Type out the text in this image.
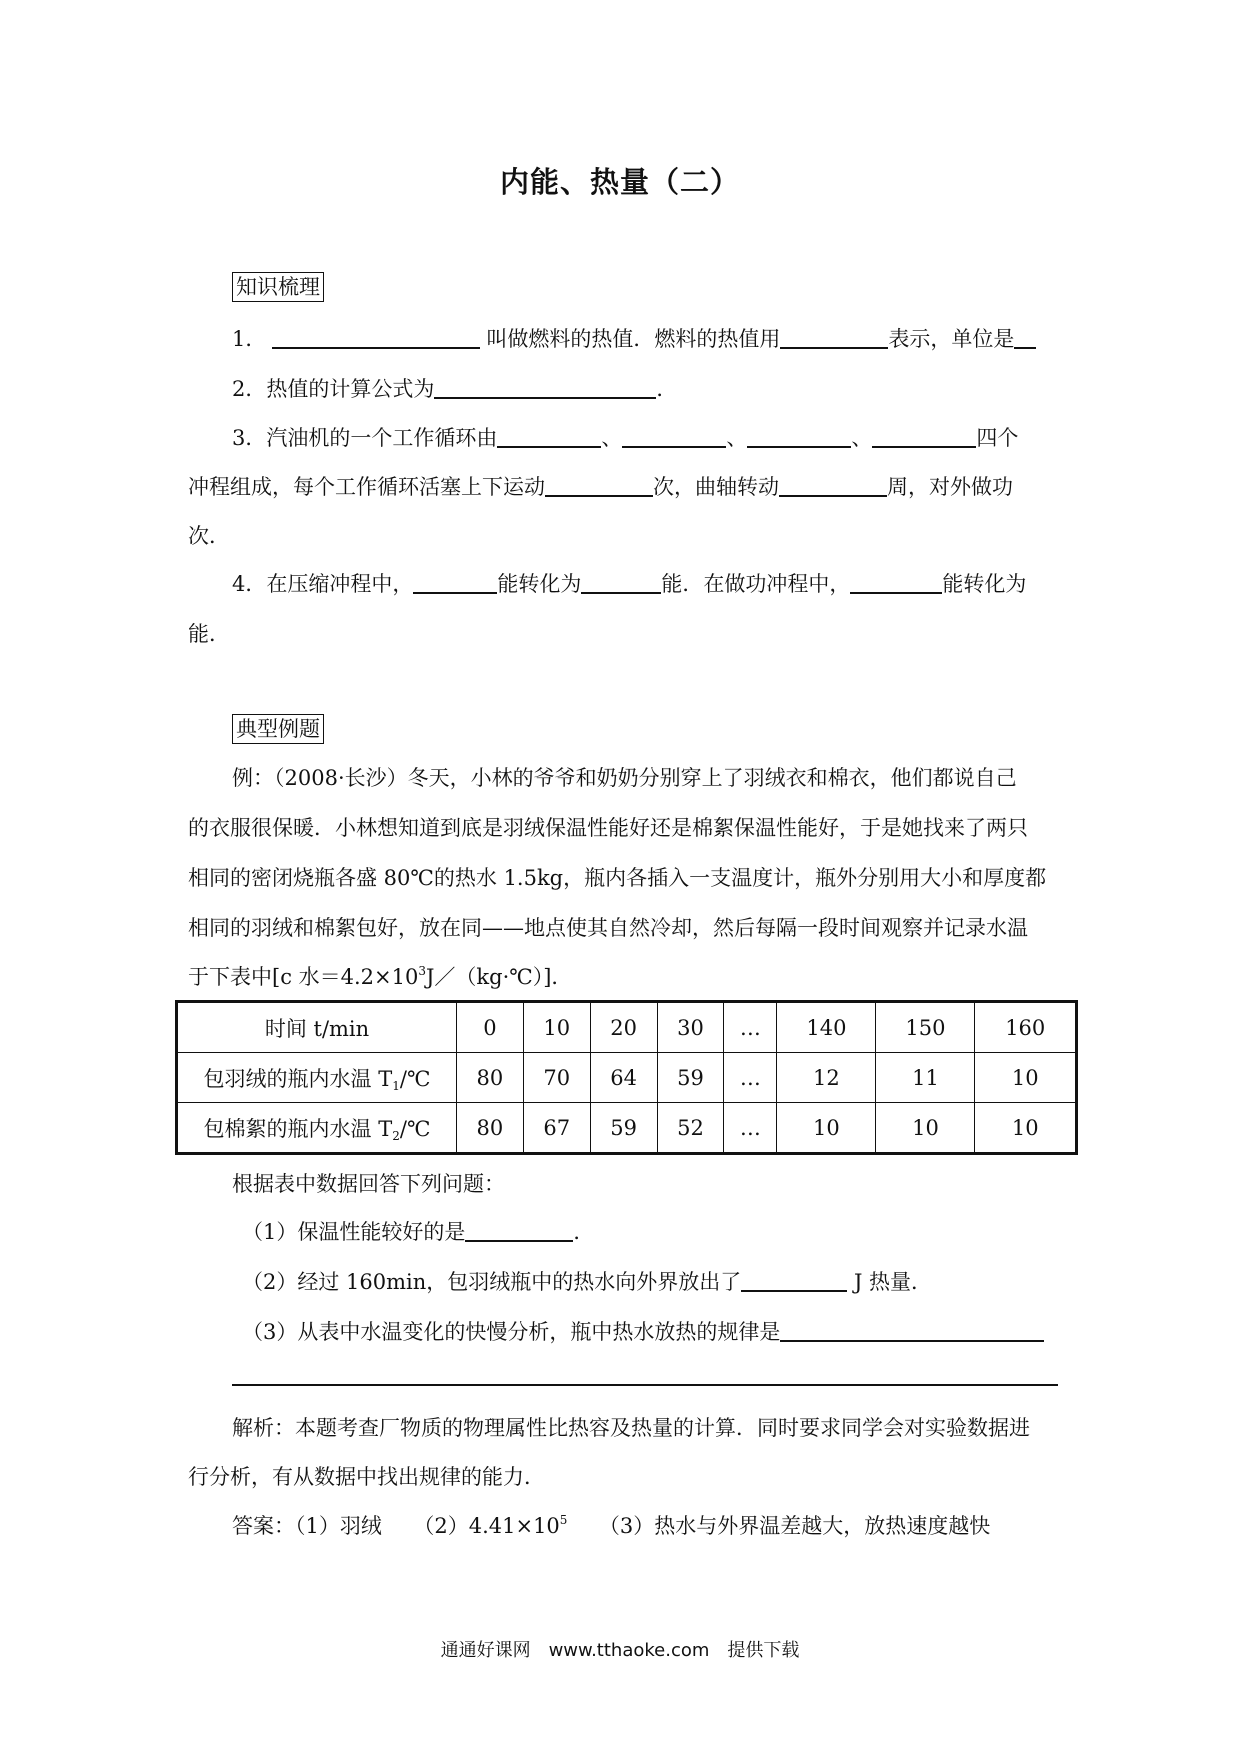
内能、热量（二）
知识梳理
1．	叫做燃料的热值．燃料的热值用	表示，单位是
2．热值的计算公式为	．
3．汽油机的一个工作循环由	、	、	、	四个
冲程组成，每个工作循环活塞上下运动	次，曲轴转动	周，对外做功
次．
4．在压缩冲程中，	能转化为	能．在做功冲程中，	能转化为
能．
典型例题
例：（2008·长沙）冬天，小林的爷爷和奶奶分别穿上了羽绒衣和棉衣，他们都说自己
的衣服很保暖．小林想知道到底是羽绒保温性能好还是棉絮保温性能好，于是她找来了两只
相同的密闭烧瓶各盛 80℃的热水 1.5kg，瓶内各插入一支温度计，瓶外分别用大小和厚度都
相同的羽绒和棉絮包好，放在同——地点使其自然冷却，然后每隔一段时间观察并记录水温
于下表中[c 水$=4.2\times 10^3J/(kg\cdot℃)$]．
时间 t/min	0	10	20	30	…	140	150	160
包羽绒的瓶内水温 $T_1/℃$	80	70	64	59	…	12	11	10
包棉絮的瓶内水温 $T_2/℃$	80	67	59	52	…	10	10	10
根据表中数据回答下列问题：
（1）保温性能较好的是	．
（2）经过 160min，包羽绒瓶中的热水向外界放出了	J 热量．
（3）从表中水温变化的快慢分析，瓶中热水放热的规律是
解析：本题考查厂物质的物理属性比热容及热量的计算．同时要求同学会对实验数据进
行分析，有从数据中找出规律的能力．
答案：（1）羽绒　　$(2)4.41\times 10^5$　　（3）热水与外界温差越大，放热速度越快
通通好课网　www.tthaoke.com　提供下载
